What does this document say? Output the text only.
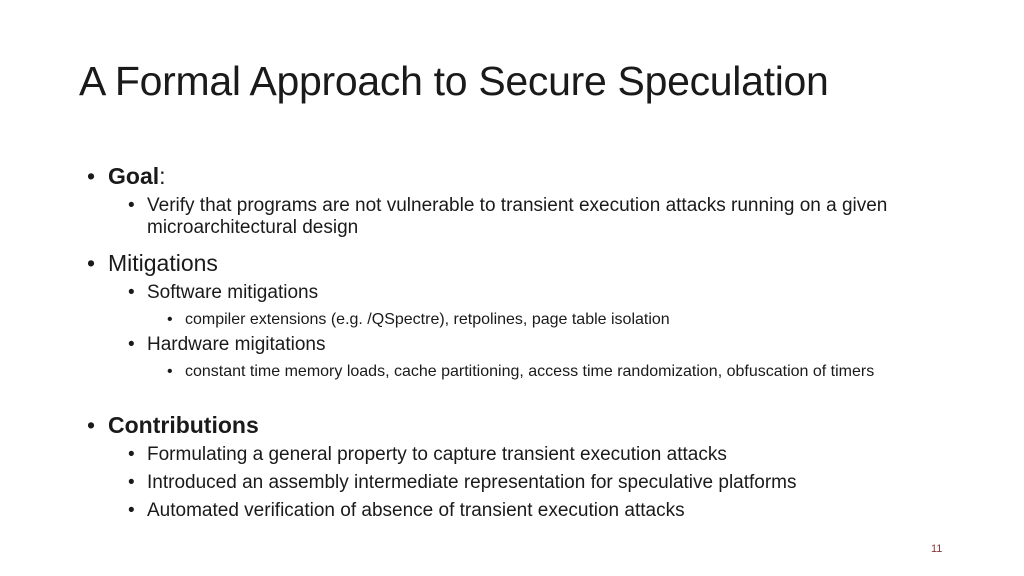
A Formal Approach to Secure Speculation
• Goal:
• Verify that programs are not vulnerable to transient execution attacks running on a given microarchitectural design
• Mitigations
• Software mitigations
• compiler extensions (e.g. /QSpectre), retpolines, page table isolation
• Hardware migitations
• constant time memory loads, cache partitioning, access time randomization, obfuscation of timers
• Contributions
• Formulating a general property to capture transient execution attacks
• Introduced an assembly intermediate representation for speculative platforms
• Automated verification of absence of transient execution attacks
11
